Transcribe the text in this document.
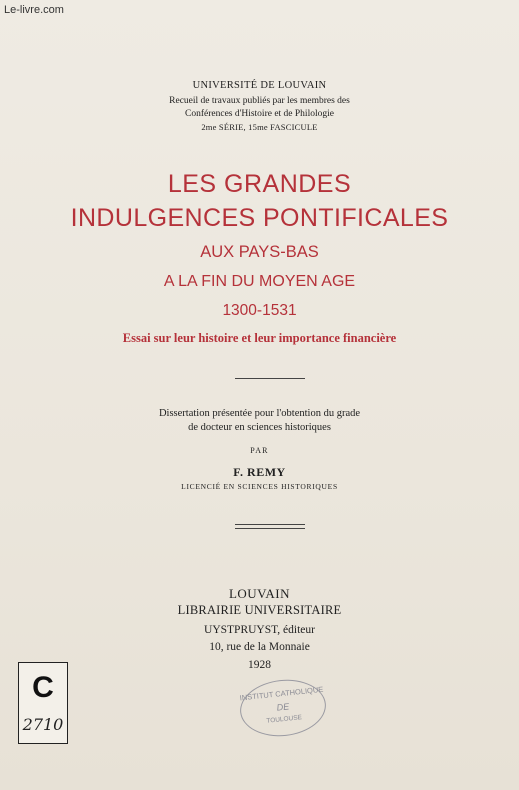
Le-livre.com
UNIVERSITÉ DE LOUVAIN
Recueil de travaux publiés par les membres des
Conférences d'Histoire et de Philologie
2me SÉRIE, 15me FASCICULE
LES GRANDES
INDULGENCES PONTIFICALES
AUX PAYS-BAS
A LA FIN DU MOYEN AGE
1300-1531
Essai sur leur histoire et leur importance financière
Dissertation présentée pour l'obtention du grade
de docteur en sciences historiques
PAR
F. REMY
LICENCIÉ EN SCIENCES HISTORIQUES
LOUVAIN
LIBRAIRIE UNIVERSITAIRE
UYSTPRUYST, éditeur
10, rue de la Monnaie
1928
C
2710
INSTITUT CATHOLIQUE
DE
TOULOUSE
